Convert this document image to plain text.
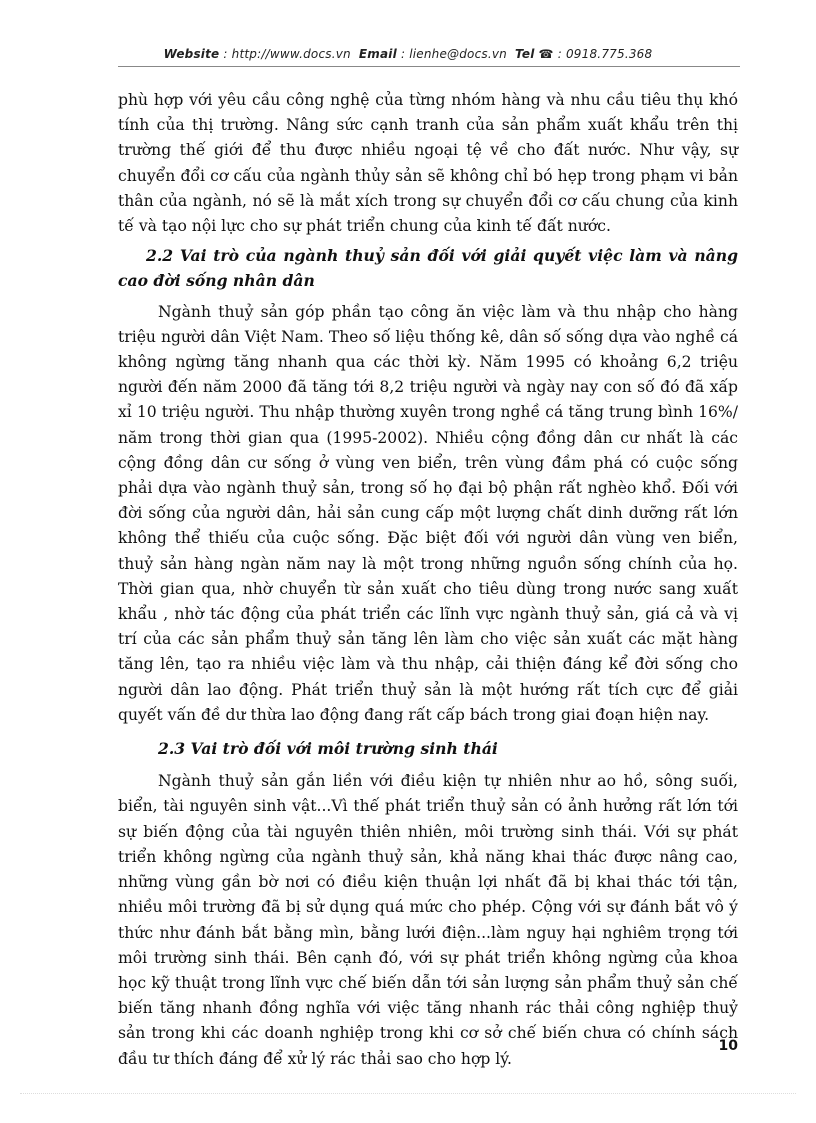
Website : http://www.docs.vn Email : lienhe@docs.vn Tel ☎ : 0918.775.368

phù hợp với yêu cầu công nghệ của từng nhóm hàng và nhu cầu tiêu thụ khó tính của thị trường. Nâng sức cạnh tranh của sản phẩm xuất khẩu trên thị trường thế giới để thu được nhiều ngoại tệ về cho đất nước. Như vậy, sự chuyển đổi cơ cấu của ngành thủy sản sẽ không chỉ bó hẹp trong phạm vi bản thân của ngành, nó sẽ là mắt xích trong sự chuyển đổi cơ cấu chung của kinh tế và tạo nội lực cho sự phát triển chung của kinh tế đất nước.

2.2 Vai trò của ngành thuỷ sản đối với giải quyết việc làm và nâng cao đời sống nhân dân

Ngành thuỷ sản góp phần tạo công ăn việc làm và thu nhập cho hàng triệu người dân Việt Nam. Theo số liệu thống kê, dân số sống dựa vào nghề cá không ngừng tăng nhanh qua các thời kỳ. Năm 1995 có khoảng 6,2 triệu người đến năm 2000 đã tăng tới 8,2 triệu người và ngày nay con số đó đã xấp xỉ 10 triệu người. Thu nhập thường xuyên trong nghề cá tăng trung bình 16%/ năm trong thời gian qua (1995-2002). Nhiều cộng đồng dân cư nhất là các cộng đồng dân cư sống ở vùng ven biển, trên vùng đầm phá có cuộc sống phải dựa vào ngành thuỷ sản, trong số họ đại bộ phận rất nghèo khổ. Đối với đời sống của người dân, hải sản cung cấp một lượng chất dinh dưỡng rất lớn không thể thiếu của cuộc sống. Đặc biệt đối với người dân vùng ven biển, thuỷ sản hàng ngàn năm nay là một trong những nguồn sống chính của họ. Thời gian qua, nhờ chuyển từ sản xuất cho tiêu dùng trong nước sang xuất khẩu , nhờ tác động của phát triển các lĩnh vực ngành thuỷ sản, giá cả và vị trí của các sản phẩm thuỷ sản tăng lên làm cho việc sản xuất các mặt hàng tăng lên, tạo ra nhiều việc làm và thu nhập, cải thiện đáng kể đời sống cho người dân lao động. Phát triển thuỷ sản là một hướng rất tích cực để giải quyết vấn đề dư thừa lao động đang rất cấp bách trong giai đoạn hiện nay.

2.3 Vai trò đối với môi trường sinh thái

Ngành thuỷ sản gắn liền với điều kiện tự nhiên như ao hồ, sông suối, biển, tài nguyên sinh vật...Vì thế phát triển thuỷ sản có ảnh hưởng rất lớn tới sự biến động của tài nguyên thiên nhiên, môi trường sinh thái. Với sự phát triển không ngừng của ngành thuỷ sản, khả năng khai thác được nâng cao, những vùng gần bờ nơi có điều kiện thuận lợi nhất đã bị khai thác tới tận, nhiều môi trường đã bị sử dụng quá mức cho phép. Cộng với sự đánh bắt vô ý thức như đánh bắt bằng mìn, bằng lưới điện...làm nguy hại nghiêm trọng tới môi trường sinh thái. Bên cạnh đó, với sự phát triển không ngừng của khoa học kỹ thuật trong lĩnh vực chế biến dẫn tới sản lượng sản phẩm thuỷ sản chế biến tăng nhanh đồng nghĩa với việc tăng nhanh rác thải công nghiệp thuỷ sản trong khi các doanh nghiệp trong khi cơ sở chế biến chưa có chính sách đầu tư thích đáng để xử lý rác thải sao cho hợp lý.

10
